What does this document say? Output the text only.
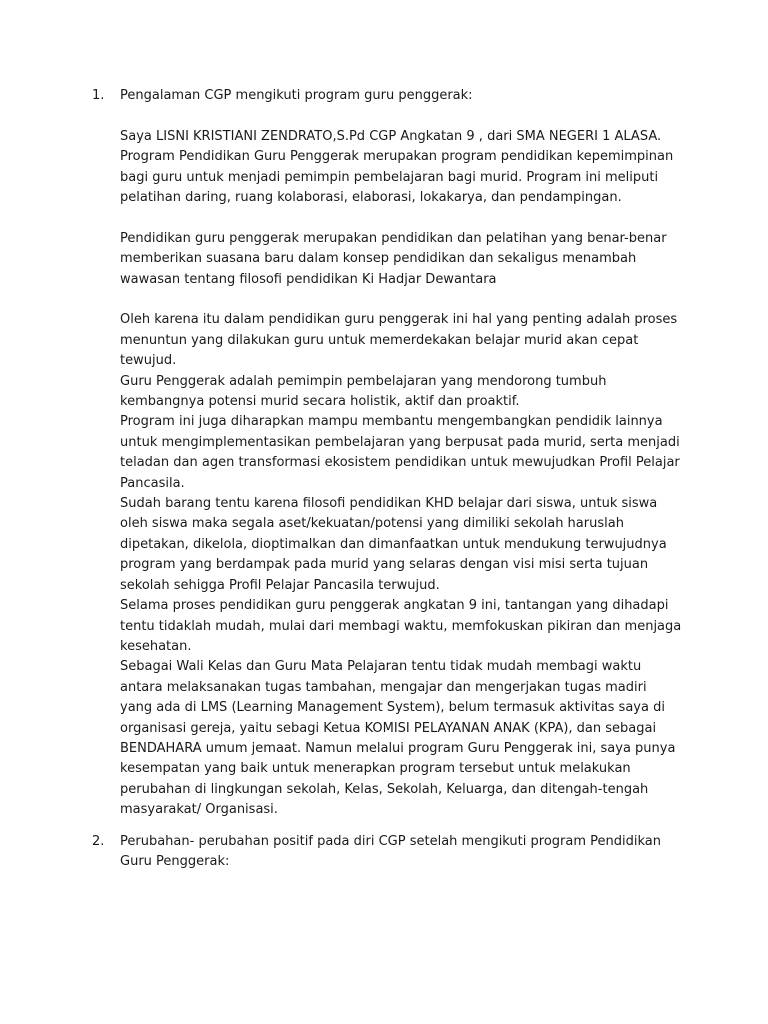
1. Pengalaman CGP mengikuti program guru penggerak:

Saya LISNI KRISTIANI ZENDRATO,S.Pd CGP Angkatan 9 , dari SMA NEGERI 1 ALASA. Program Pendidikan Guru Penggerak merupakan program pendidikan kepemimpinan bagi guru untuk menjadi pemimpin pembelajaran bagi murid. Program ini meliputi pelatihan daring, ruang kolaborasi, elaborasi, lokakarya, dan pendampingan.

Pendidikan guru penggerak merupakan pendidikan dan pelatihan yang benar-benar memberikan suasana baru dalam konsep pendidikan dan sekaligus menambah wawasan tentang filosofi pendidikan Ki Hadjar Dewantara

Oleh karena itu dalam pendidikan guru penggerak ini hal yang penting adalah proses menuntun yang dilakukan guru untuk memerdekakan belajar murid akan cepat tewujud.

Guru Penggerak adalah pemimpin pembelajaran yang mendorong tumbuh kembangnya potensi murid secara holistik, aktif dan proaktif.

Program ini juga diharapkan mampu membantu mengembangkan pendidik lainnya untuk mengimplementasikan pembelajaran yang berpusat pada murid, serta menjadi teladan dan agen transformasi ekosistem pendidikan untuk mewujudkan Profil Pelajar Pancasila.

Sudah barang tentu karena filosofi pendidikan KHD belajar dari siswa, untuk siswa oleh siswa maka segala aset/kekuatan/potensi yang dimiliki sekolah haruslah dipetakan, dikelola, dioptimalkan dan dimanfaatkan untuk mendukung terwujudnya program yang berdampak pada murid yang selaras dengan visi misi serta tujuan sekolah sehigga Profil Pelajar Pancasila terwujud.

Selama proses pendidikan guru penggerak angkatan 9 ini, tantangan yang dihadapi tentu tidaklah mudah, mulai dari membagi waktu, memfokuskan pikiran dan menjaga kesehatan.

Sebagai Wali Kelas dan Guru Mata Pelajaran tentu tidak mudah membagi waktu antara melaksanakan tugas tambahan, mengajar dan mengerjakan tugas madiri yang ada di LMS (Learning Management System), belum termasuk aktivitas saya di organisasi gereja, yaitu sebagi Ketua KOMISI PELAYANAN ANAK (KPA), dan sebagai BENDAHARA umum jemaat. Namun melalui program Guru Penggerak ini, saya punya kesempatan yang baik untuk menerapkan program tersebut untuk melakukan perubahan di lingkungan sekolah, Kelas, Sekolah, Keluarga, dan ditengah-tengah masyarakat/ Organisasi.

2. Perubahan- perubahan positif pada diri CGP setelah mengikuti program Pendidikan Guru Penggerak:
